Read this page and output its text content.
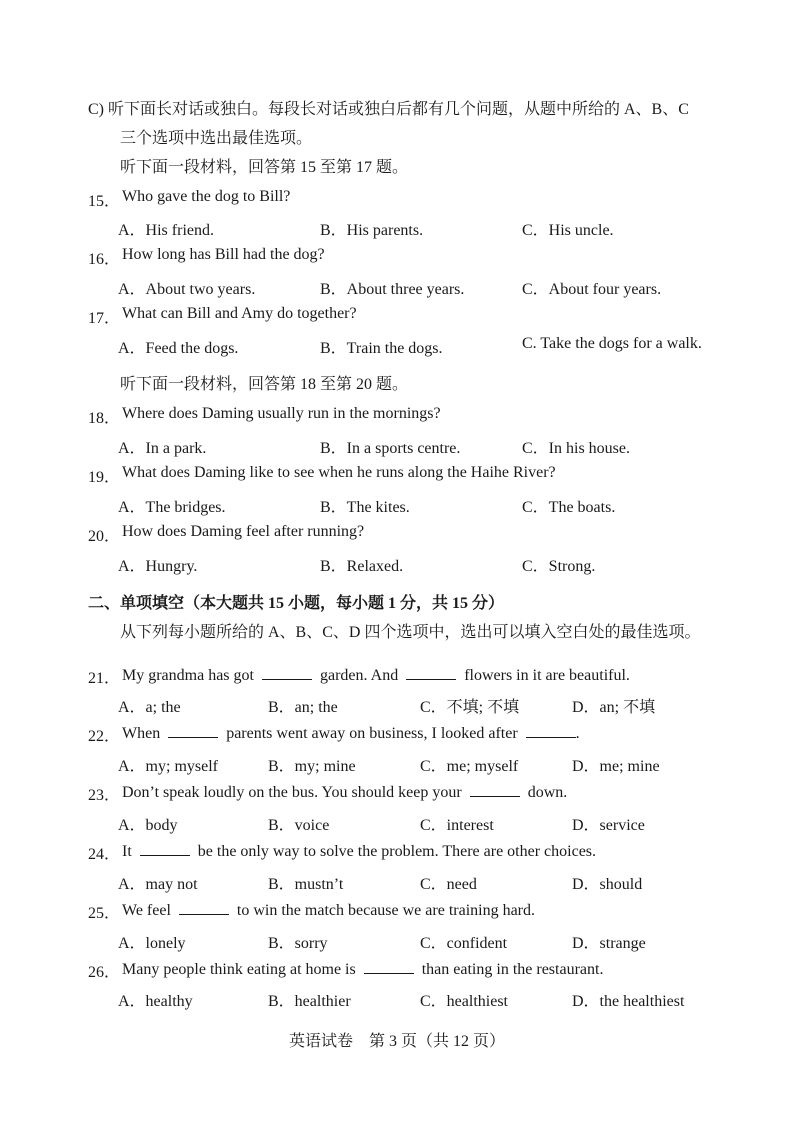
C) 听下面长对话或独白。每段长对话或独白后都有几个问题，从题中所给的 A、B、C
三个选项中选出最佳选项。
听下面一段材料，回答第 15 至第 17 题。
15． Who gave the dog to Bill?
A．His friend.	B．His parents.	C．His uncle.
16． How long has Bill had the dog?
A．About two years.	B．About three years.	C．About four years.
17． What can Bill and Amy do together?
A．Feed the dogs.	B．Train the dogs.	C. Take the dogs for a walk.
听下面一段材料，回答第 18 至第 20 题。
18． Where does Daming usually run in the mornings?
A．In a park.	B．In a sports centre.	C．In his house.
19． What does Daming like to see when he runs along the Haihe River?
A．The bridges.	B．The kites.	C．The boats.
20． How does Daming feel after running?
A．Hungry.	B．Relaxed.	C．Strong.
二、单项填空（本大题共 15 小题，每小题 1 分，共 15 分）
从下列每小题所给的 A、B、C、D 四个选项中，选出可以填入空白处的最佳选项。
21． My grandma has got	garden. And	flowers in it are beautiful.
A．a; the	B．an; the	C．不填; 不填	D．an; 不填
22． When	parents went away on business, I looked after	.
A．my; myself	B．my; mine	C．me; myself	D．me; mine
23． Don’t speak loudly on the bus. You should keep your	down.
A．body	B．voice	C．interest	D．service
24． It	be the only way to solve the problem. There are other choices.
A．may not	B．mustn’t	C．need	D．should
25． We feel	to win the match because we are training hard.
A．lonely	B．sorry	C．confident	D．strange
26． Many people think eating at home is	than eating in the restaurant.
A．healthy	B．healthier	C．healthiest	D．the healthiest
英语试卷　第 3 页（共 12 页）
